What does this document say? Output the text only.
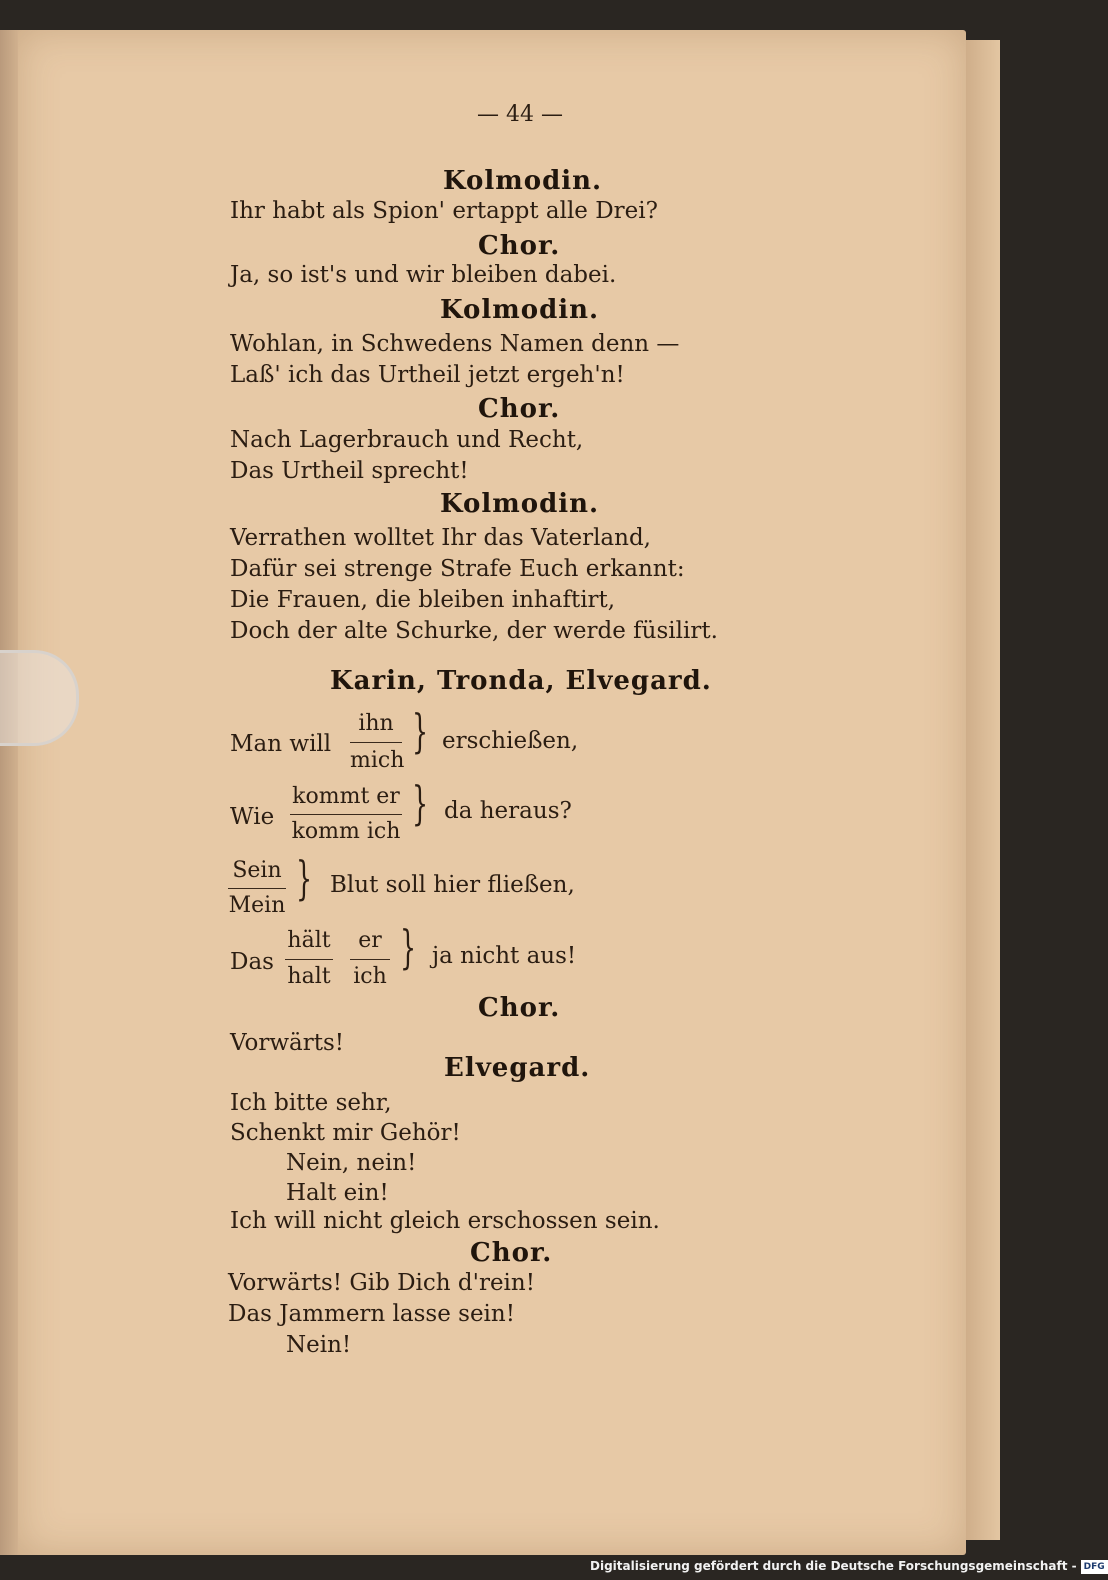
— 44 —
Kolmodin.
Ihr habt als Spion' ertappt alle Drei?
Chor.
Ja, so ist's und wir bleiben dabei.
Kolmodin.
Wohlan, in Schwedens Namen denn —
Laß' ich das Urtheil jetzt ergeh'n!
Chor.
Nach Lagerbrauch und Recht,
Das Urtheil sprecht!
Kolmodin.
Verrathen wolltet Ihr das Vaterland,
Dafür sei strenge Strafe Euch erkannt:
Die Frauen, die bleiben inhaftirt,
Doch der alte Schurke, der werde füsilirt.
Karin, Tronda, Elvegard.
Man will
ihn
mich
} erschießen,
Wie
kommt er
komm ich
} da heraus?
Sein
Mein
} Blut soll hier fließen,
Das
hält	er
halt ich
} ja nicht aus!
Chor.
Vorwärts!
Elvegard.
Ich bitte sehr,
Schenkt mir Gehör!
Nein, nein!
Halt ein!
Ich will nicht gleich erschossen sein.
Chor.
Vorwärts! Gib Dich d'rein!
Das Jammern lasse sein!
Nein!
Digitalisierung gefördert durch die Deutsche Forschungsgemeinschaft - DFG
